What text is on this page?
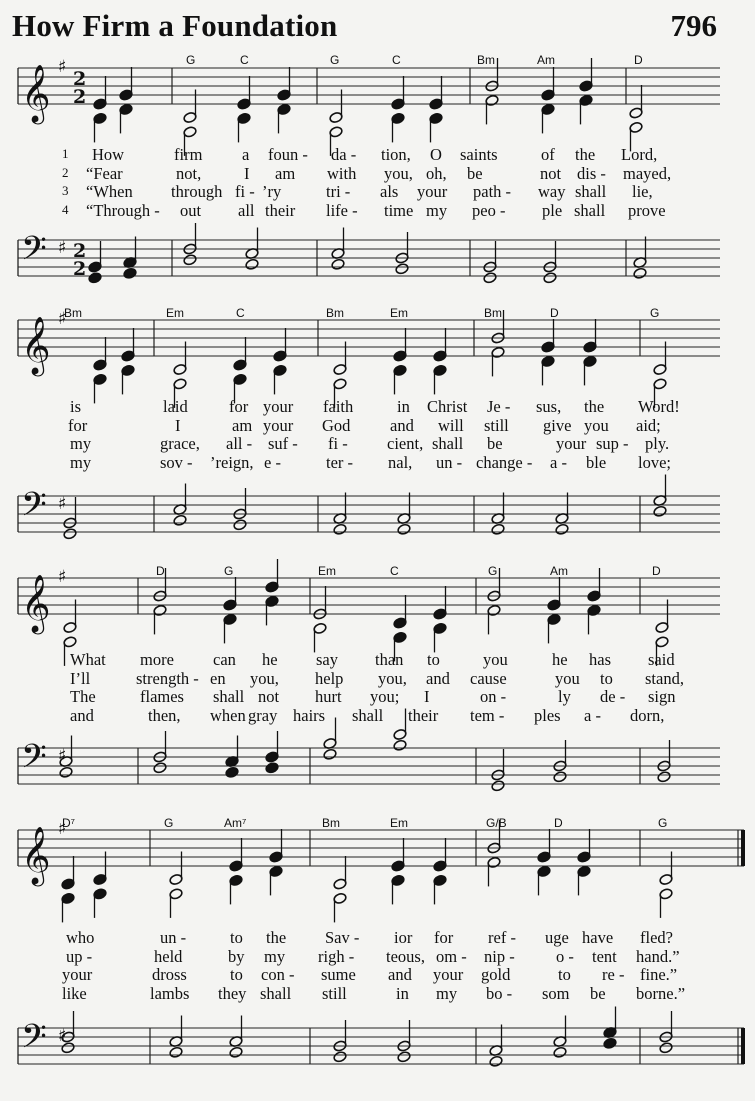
How Firm a Foundation	796
𝄞 ♯
2
2
𝄢 ♯ 2
2
𝄞 ♯
𝄢 ♯
𝄞 ♯
𝄢 ♯
𝄞 ♯
𝄢 ♯
G	C	G	C	Bm	Am	D
1 How	firm a foun - da - tion, O saints	of the Lord,
2 “Fear	not,	I am with you, oh, be	not dis - mayed,
3 “When through fi - ’ry	tri - als your path - way shall lie,
4 “Through - out all their life - time my peo - ple shall prove
Bm	Em	C	Bm	Em	Bm	D	G
is	laid	for your faith	in Christ Je - sus, the Word!
for	I	am your God and will still give you aid;
my	grace, all - suf - fi - cient, shall be	your sup - ply.
my	sov - ’reign, e -	ter - nal, un - change - a - ble love;
D	G	Em	C	G	Am	D
What more can he say than to	you	he has said
I’ll	strength - en you, help you, and cause	you to stand,
The	flames shall not hurt you; I	on -	ly de - sign
and	then, when gray hairs shall their tem - ples a - dorn,
D⁷	G	Am⁷	Bm	Em	G/B	D	G
who	un -	to the Sav - ior for ref - uge have fled?
up -	held	by my righ - teous, om - nip -	o - tent hand.”
your	dross	to con - sume and your gold	to re - fine.”
like	lambs they shall still	in my bo - som be borne.”
